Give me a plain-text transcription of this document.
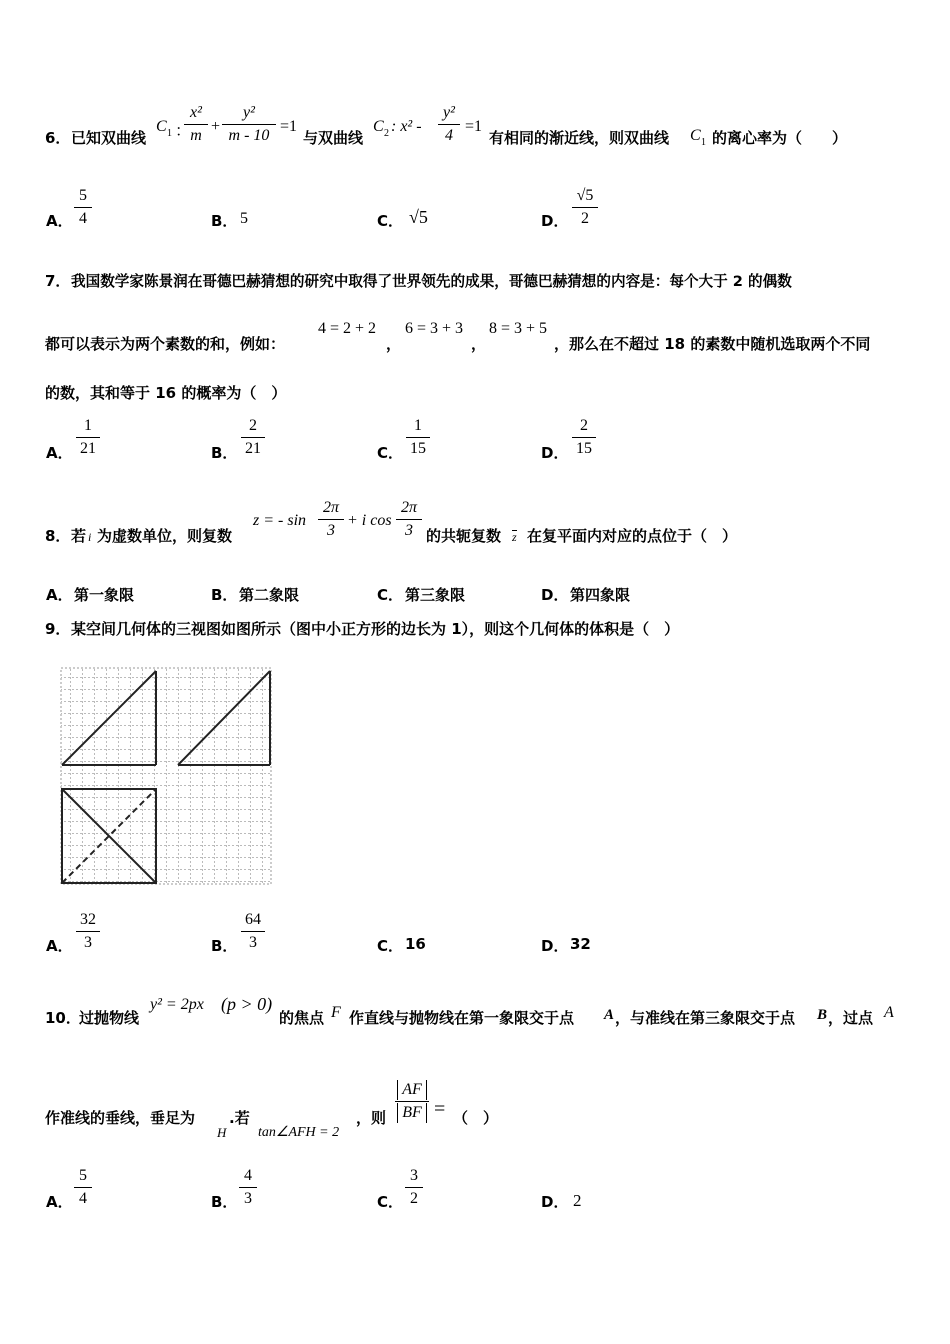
6． 已知双曲线
C 1 ：
x²
m
+
y²
m - 10
=1
与双曲线
C 2 : x² -
y²
4
=1
有相同的渐近线，则双曲线 C 1 的离心率为（　　）
A．
5
4	B． 5	C． √5	D．
√5
2
7． 我国数学家陈景润在哥德巴赫猜想的研究中取得了世界领先的成果，哥德巴赫猜想的内容是：每个大于 2 的偶数
都可以表示为两个素数的和，例如：
4 = 2 + 2
，
6 = 3 + 3
，
8 = 3 + 5
，那么在不超过 18 的素数中随机选取两个不同
的数，其和等于 16 的概率为（　）
A．
1
21	B．
2
21	C．
1
15	D．
2
15
8． 若 i 为虚数单位，则复数
z = - sin
2π
3
+ i cos
2π
3 的共轭复数 z 在复平面内对应的点位于（　）
A． 第一象限	B． 第二象限	C． 第三象限	D． 第四象限
9． 某空间几何体的三视图如图所示（图中小正方形的边长为 1），则这个几何体的体积是（　）
A．
32
3	B．
64
3	C． 16	D． 32
10．
过抛物线
y² = 2px (p > 0)
的焦点 F 作直线与抛物线在第一象限交于点 A ，与准线在第三象限交于点 B ，过点 A
作准线的垂线，垂足为
H
.若
tan∠AFH = 2
，则
AF
BF = （　）
A．
5
4	B．
4
3	C．
3
2	D． 2
